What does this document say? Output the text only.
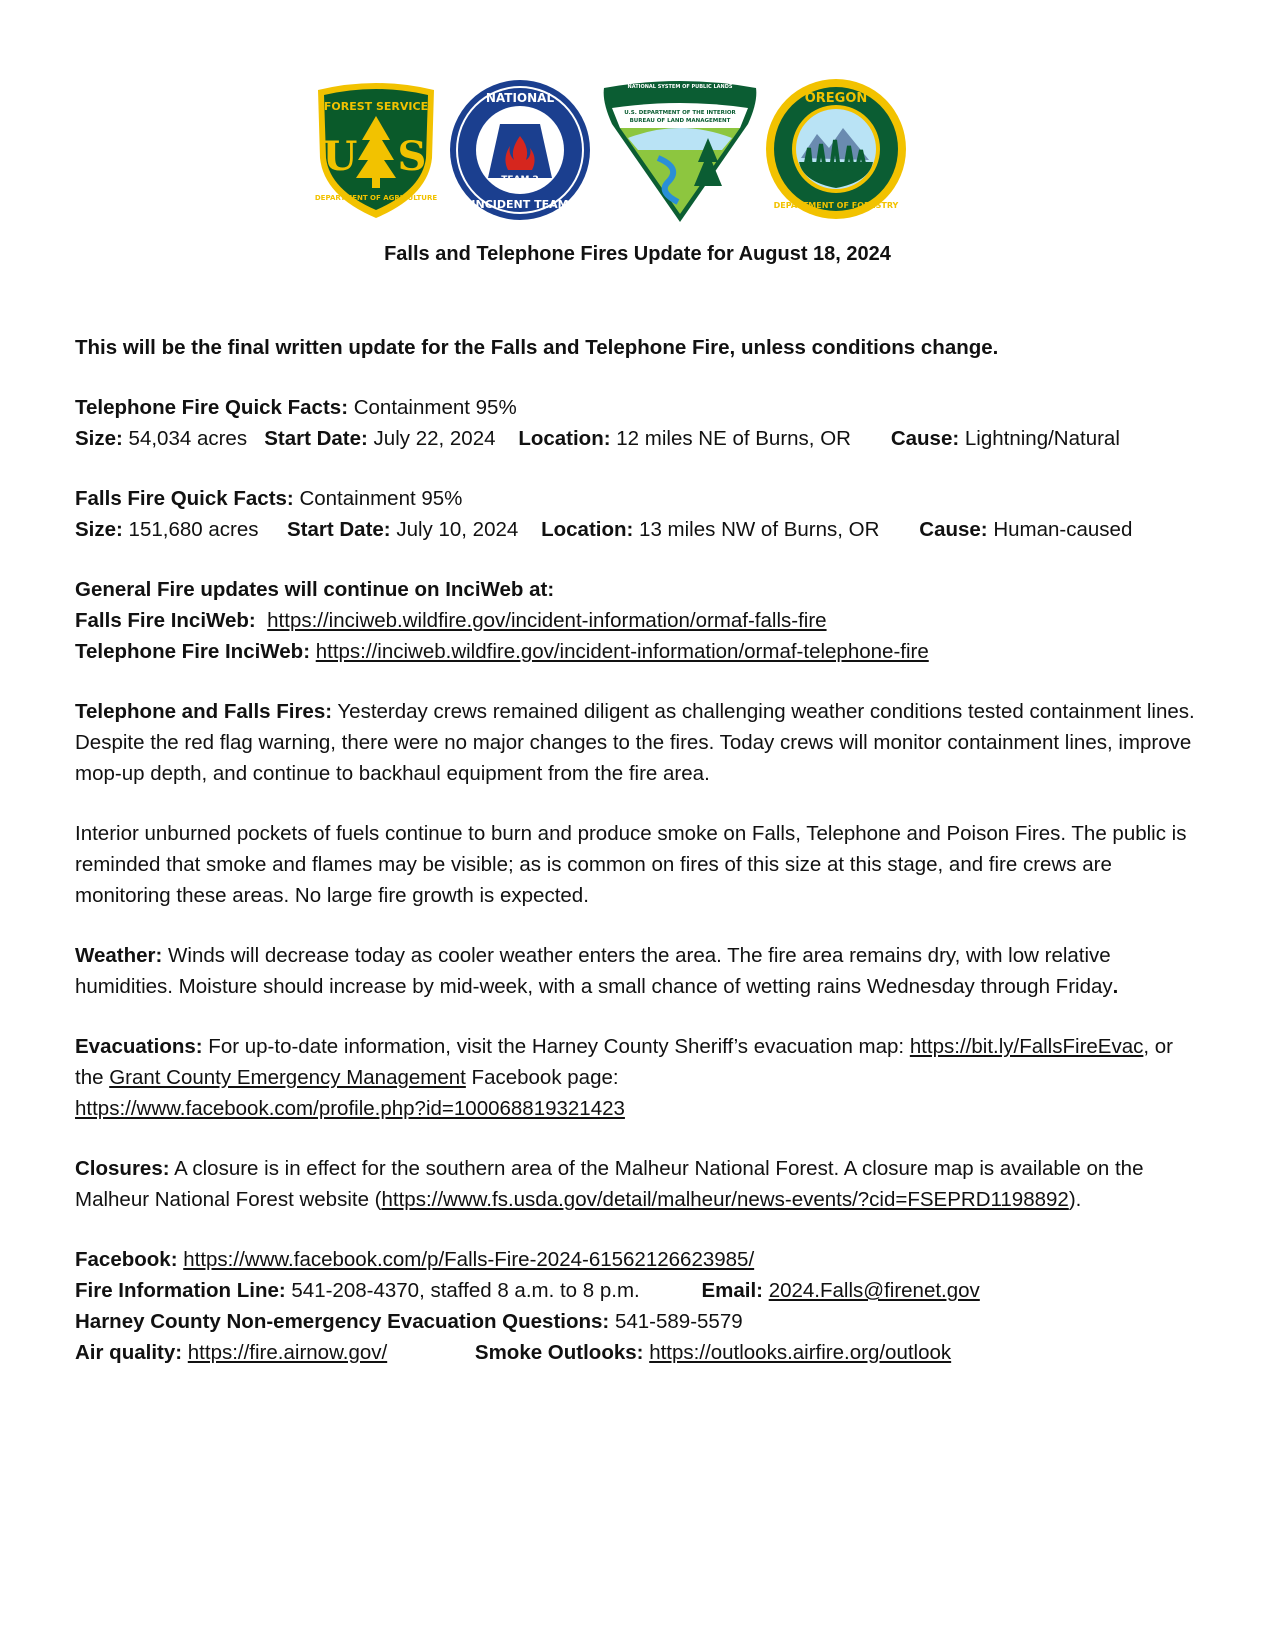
FOREST SERVICE
U S
DEPARTMENT OF AGRICULTURE
NATIONAL
INCIDENT TEAM
TEAM 2
NATIONAL SYSTEM OF PUBLIC LANDS
U.S. DEPARTMENT OF THE INTERIOR
BUREAU OF LAND MANAGEMENT
OREGON
DEPARTMENT OF FORESTRY
Falls and Telephone Fires Update for August 18, 2024

This will be the final written update for the Falls and Telephone Fire, unless conditions change.

Telephone Fire Quick Facts: Containment 95%
Size: 54,034 acres Start Date: July 22, 2024 Location: 12 miles NE of Burns, OR Cause: Lightning/Natural
Falls Fire Quick Facts: Containment 95%
Size: 151,680 acres Start Date: July 10, 2024 Location: 13 miles NW of Burns, OR Cause: Human-caused
General Fire updates will continue on InciWeb at:
Falls Fire InciWeb: https://inciweb.wildfire.gov/incident-information/ormaf-falls-fire
Telephone Fire InciWeb: https://inciweb.wildfire.gov/incident-information/ormaf-telephone-fire

Telephone and Falls Fires: Yesterday crews remained diligent as challenging weather conditions tested containment lines. Despite the red flag warning, there were no major changes to the fires. Today crews will monitor containment lines, improve mop-up depth, and continue to backhaul equipment from the fire area.

Interior unburned pockets of fuels continue to burn and produce smoke on Falls, Telephone and Poison Fires. The public is reminded that smoke and flames may be visible; as is common on fires of this size at this stage, and fire crews are monitoring these areas. No large fire growth is expected.

Weather: Winds will decrease today as cooler weather enters the area. The fire area remains dry, with low relative humidities. Moisture should increase by mid-week, with a small chance of wetting rains Wednesday through Friday.

Evacuations: For up-to-date information, visit the Harney County Sheriff’s evacuation map: https://bit.ly/FallsFireEvac, or the Grant County Emergency Management Facebook page:
https://www.facebook.com/profile.php?id=100068819321423

Closures: A closure is in effect for the southern area of the Malheur National Forest. A closure map is available on the Malheur National Forest website (https://www.fs.usda.gov/detail/malheur/news-events/?cid=FSEPRD1198892).

Facebook: https://www.facebook.com/p/Falls-Fire-2024-61562126623985/
Fire Information Line: 541-208-4370, staffed 8 a.m. to 8 p.m.	Email: 2024.Falls@firenet.gov
Harney County Non-emergency Evacuation Questions: 541-589-5579
Air quality: https://fire.airnow.gov/	Smoke Outlooks: https://outlooks.airfire.org/outlook
